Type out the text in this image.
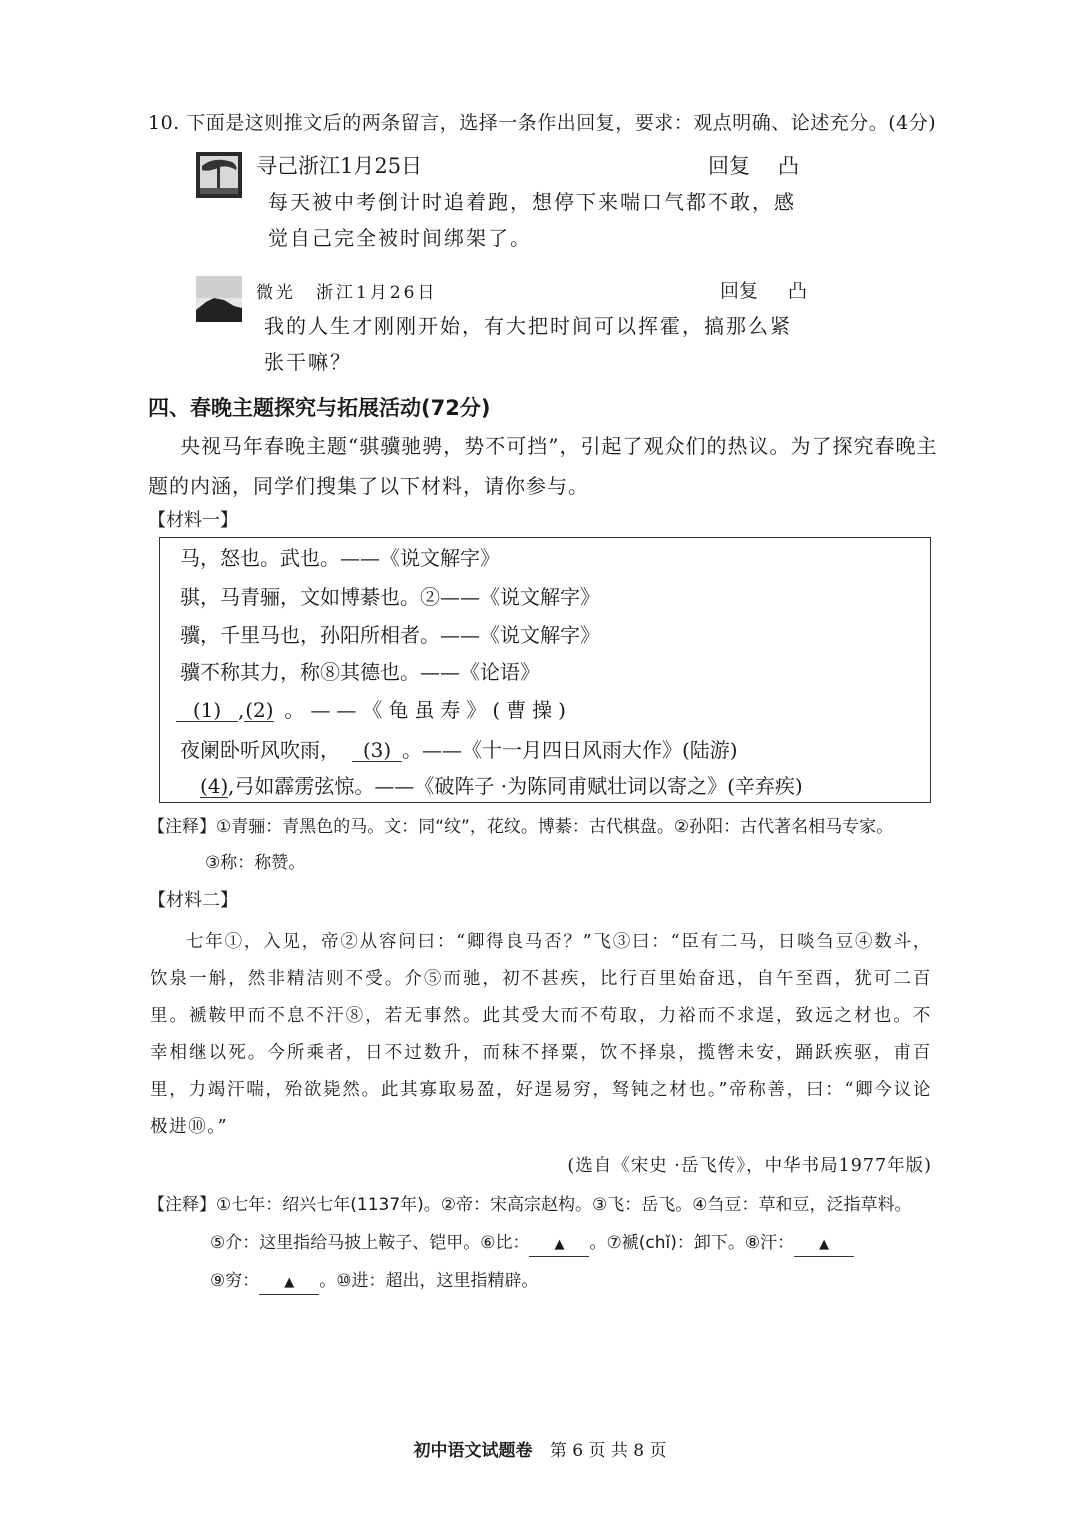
10. 下面是这则推文后的两条留言，选择一条作出回复，要求：观点明确、论述充分。(4分)
寻己浙江1月25日	回复 凸
每天被中考倒计时追着跑，想停下来喘口气都不敢，感觉自己完全被时间绑架了。
微光　浙江1月26日	回复 凸
我的人生才刚刚开始，有大把时间可以挥霍，搞那么紧张干嘛？
四、春晚主题探究与拓展活动(72分)
央视马年春晚主题“骐骥驰骋，势不可挡”，引起了观众们的热议。为了探究春晚主题的内涵，同学们搜集了以下材料，请你参与。
【材料一】
马，怒也。武也。——《说文解字》
骐，马青骊，文如博綦也。②——《说文解字》
骥，千里马也，孙阳所相者。——《说文解字》
骥不称其力，称⑧其德也。——《论语》
(1) ,(2) 。——《龟虽寿》(曹操)
夜阑卧听风吹雨， (3) 。——《十一月四日风雨大作》(陆游)
(4),弓如霹雳弦惊。——《破阵子 ·为陈同甫赋壮词以寄之》(辛弃疾)
【注释】①青骊：青黑色的马。文：同“纹”，花纹。博綦：古代棋盘。②孙阳：古代著名相马专家。
③称：称赞。
【材料二】
七年①，入见，帝②从容问曰：“卿得良马否？”飞③曰：“臣有二马，日啖刍豆④数斗，饮泉一斛，然非精洁则不受。介⑤而驰，初不甚疾，比行百里始奋迅，自午至酉，犹可二百里。褫鞍甲而不息不汗⑧，若无事然。此其受大而不苟取，力裕而不求逞，致远之材也。不幸相继以死。今所乘者，日不过数升，而秣不择粟，饮不择泉，揽辔未安，踊跃疾驱，甫百里，力竭汗喘，殆欲毙然。此其寡取易盈，好逞易穷，驽钝之材也。”帝称善，曰：“卿今议论极进⑩。”
(选自《宋史 ·岳飞传》，中华书局1977年版)
【注释】①七年：绍兴七年(1137年)。②帝：宋高宗赵构。③飞：岳飞。④刍豆：草和豆，泛指草料。
⑤介：这里指给马披上鞍子、铠甲。⑥比： ▲ 。⑦褫(chǐ)：卸下。⑧汗： ▲
⑨穷： ▲ 。⑩进：超出，这里指精辟。
初中语文试题卷 第 6 页 共 8 页
